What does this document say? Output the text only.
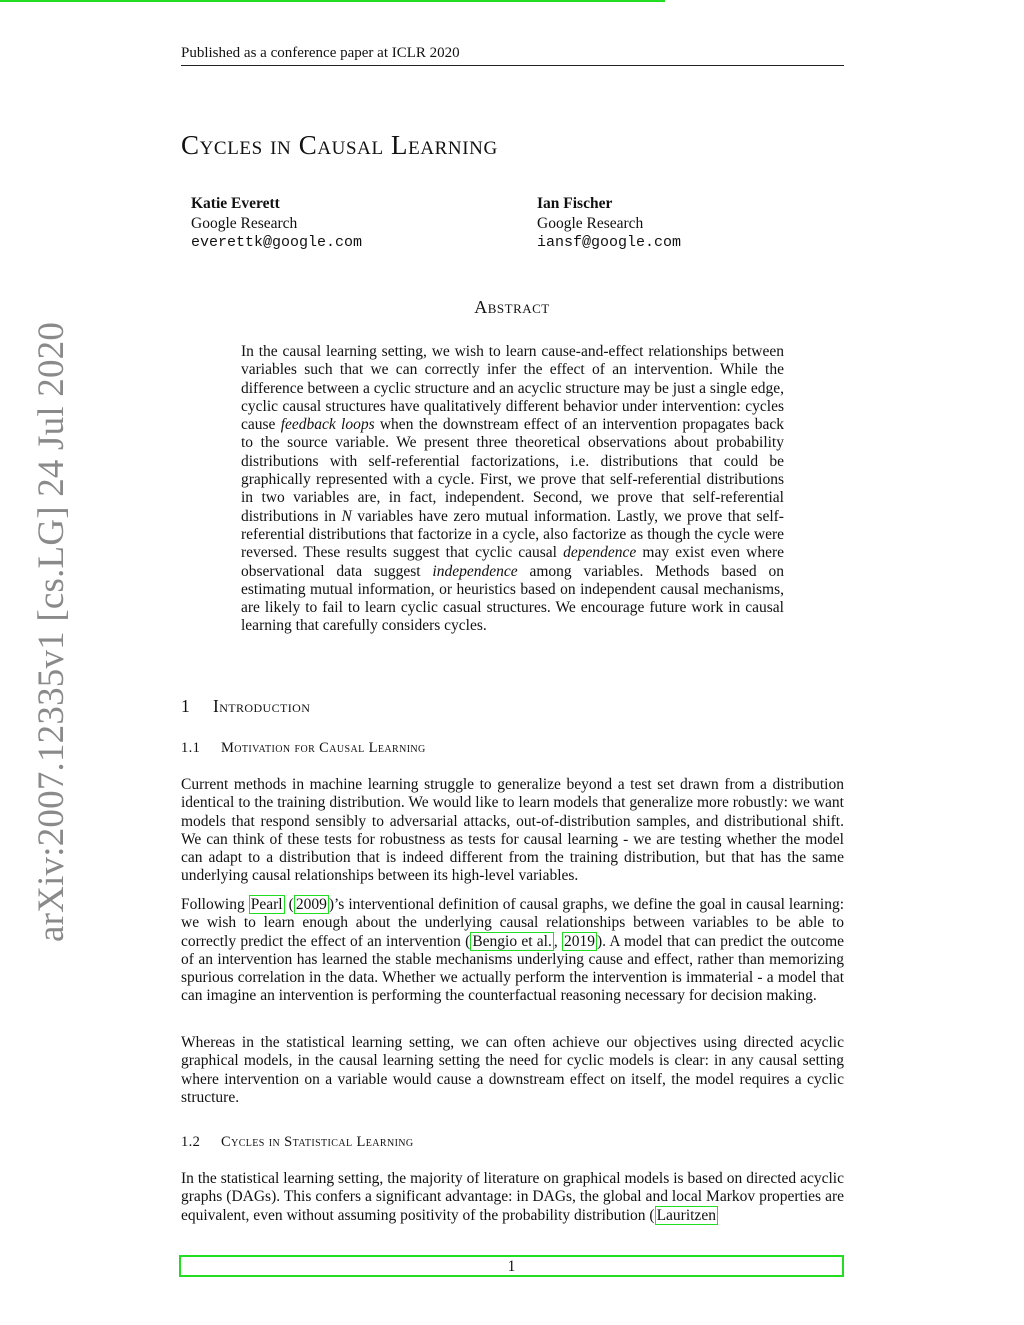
Published as a conference paper at ICLR 2020
arXiv:2007.12335v1 [cs.LG] 24 Jul 2020
Cycles in Causal Learning
Katie Everett
Google Research
everettk@google.com
Ian Fischer
Google Research
iansf@google.com
Abstract

In the causal learning setting, we wish to learn cause-and-effect relationships between variables such that we can correctly infer the effect of an intervention. While the difference between a cyclic structure and an acyclic structure may be just a single edge, cyclic causal structures have qualitatively different behavior under intervention: cycles cause feedback loops when the downstream effect of an intervention propagates back to the source variable. We present three theoretical observations about probability distributions with self-referential factorizations, i.e. distributions that could be graphically represented with a cycle. First, we prove that self-referential distributions in two variables are, in fact, independent. Second, we prove that self-referential distributions in N variables have zero mutual information. Lastly, we prove that self-referential distributions that factorize in a cycle, also factorize as though the cycle were reversed. These results suggest that cyclic causal dependence may exist even where observational data suggest independence among variables. Methods based on estimating mutual information, or heuristics based on independent causal mechanisms, are likely to fail to learn cyclic casual structures. We encourage future work in causal learning that carefully considers cycles.

1 Introduction
1.1 Motivation for Causal Learning

Current methods in machine learning struggle to generalize beyond a test set drawn from a distribution identical to the training distribution. We would like to learn models that generalize more robustly: we want models that respond sensibly to adversarial attacks, out-of-distribution samples, and distributional shift. We can think of these tests for robustness as tests for causal learning - we are testing whether the model can adapt to a distribution that is indeed different from the training distribution, but that has the same underlying causal relationships between its high-level variables.

Following Pearl ( 2009 )’s interventional definition of causal graphs, we define the goal in causal learning: we wish to learn enough about the underlying causal relationships between variables to be able to correctly predict the effect of an intervention ( Bengio et al. , 2019 ). A model that can predict the outcome of an intervention has learned the stable mechanisms underlying cause and effect, rather than memorizing spurious correlation in the data. Whether we actually perform the intervention is immaterial - a model that can imagine an intervention is performing the counterfactual reasoning necessary for decision making.

Whereas in the statistical learning setting, we can often achieve our objectives using directed acyclic graphical models, in the causal learning setting the need for cyclic models is clear: in any causal setting where intervention on a variable would cause a downstream effect on itself, the model requires a cyclic structure.

1.2 Cycles in Statistical Learning

In the statistical learning setting, the majority of literature on graphical models is based on directed acyclic graphs (DAGs). This confers a significant advantage: in DAGs, the global and local Markov properties are equivalent, even without assuming positivity of the probability distribution ( Lauritzen

1
